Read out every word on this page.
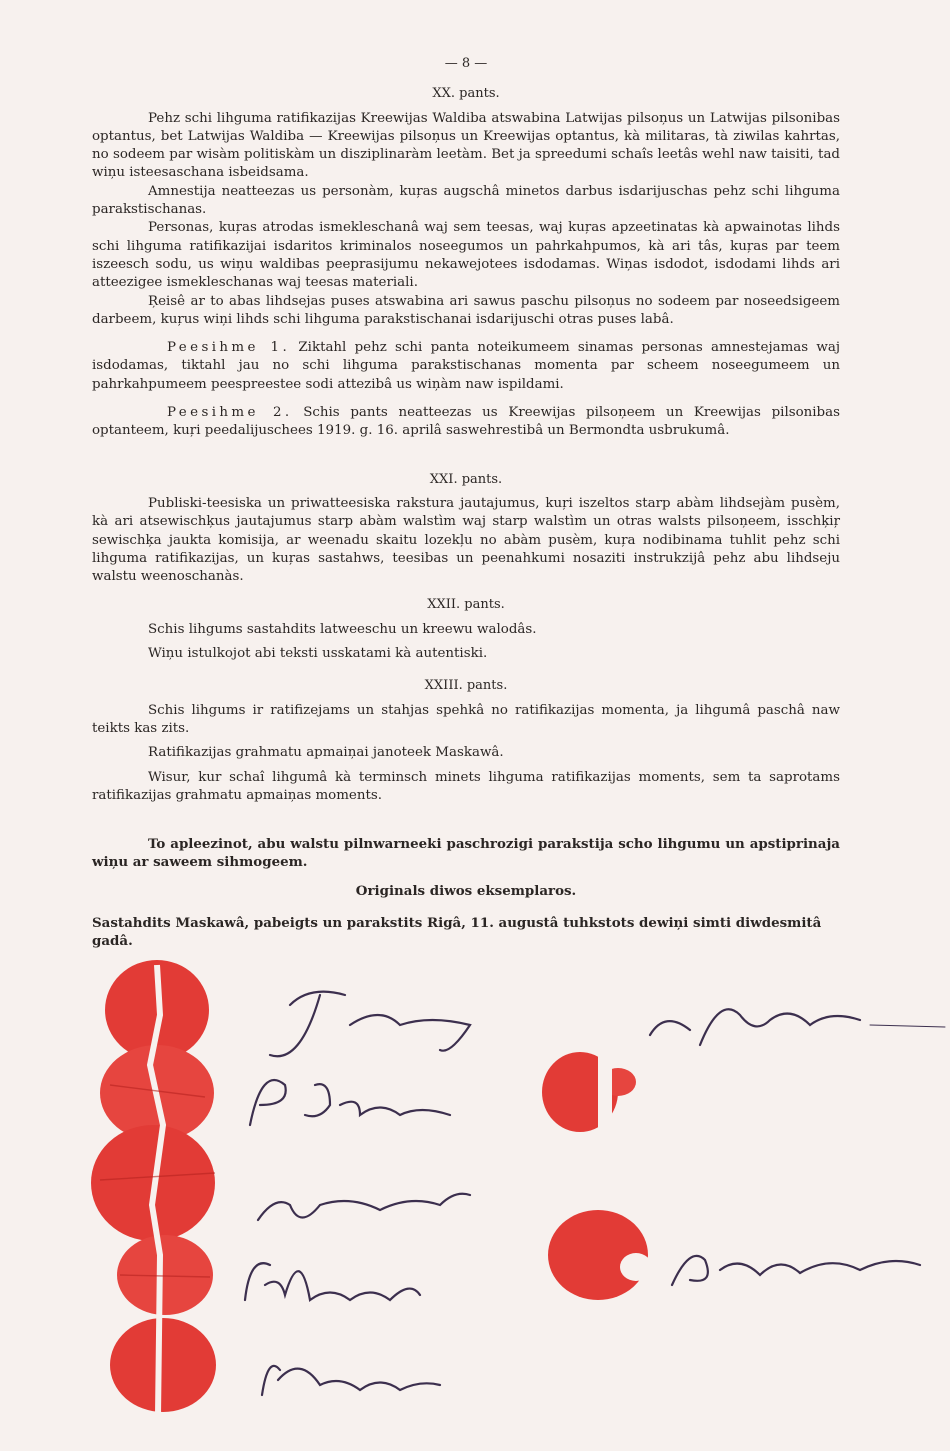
— 8 —
XX. pants.

Pehz schi lihguma ratifikazijas Kreewijas Waldiba atswabina Latwijas pilsoņus un Latwijas pilsonibas optantus, bet Latwijas Waldiba — Kreewijas pilsoņus un Kreewijas optantus, kà militaras, tà ziwilas kahrtas, no sodeem par wisàm politiskàm un disziplinaràm leetàm. Bet ja spreedumi schaîs leetâs wehl naw taisiti, tad wiņu isteesaschana isbeidsama.

Amnestija neatteezas us personàm, kuŗas augschâ minetos darbus isdarijuschas pehz schi lihguma parakstischanas.

Personas, kuŗas atrodas ismekleschanâ waj sem teesas, waj kuŗas apzeetinatas kà apwainotas lihds schi lihguma ratifikazijai isdaritos kriminalos noseegumos un pahrkahpumos, kà ari tâs, kuŗas par teem iszeesch sodu, us wiņu waldibas peeprasijumu nekawejotees isdodamas. Wiņas isdodot, isdodami lihds ari atteezigee ismekleschanas waj teesas materiali.

Ŗeisê ar to abas lihdsejas puses atswabina ari sawus paschu pilsoņus no sodeem par noseedsigeem darbeem, kuŗus wiņi lihds schi lihguma parakstischanai isdarijuschi otras puses labâ.

Peesihme 1. Ziktahl pehz schi panta noteikumeem sinamas personas amnestejamas waj isdodamas, tiktahl jau no schi lihguma parakstischanas momenta par scheem noseegumeem un pahrkahpumeem peespreestee sodi attezibâ us wiņàm naw ispildami.

Peesihme 2. Schis pants neatteezas us Kreewijas pilsoņeem un Kreewijas pilsonibas optanteem, kuŗi peedalijuschees 1919. g. 16. aprilâ saswehrestibâ un Bermondta usbrukumâ.

XXI. pants.

Publiski-teesiska un priwatteesiska rakstura jautajumus, kuŗi iszeltos starp abàm lihdsejàm pusèm, kà ari atsewischķus jautajumus starp abàm walstìm waj starp walstìm un otras walsts pilsoņeem, isschķiŗ sewischķa jaukta komisija, ar weenadu skaitu lozekļu no abàm pusèm, kuŗa nodibinama tuhlit pehz schi lihguma ratifikazijas, un kuŗas sastahws, teesibas un peenahkumi nosaziti instrukzijâ pehz abu lihdseju walstu weenoschanàs.

XXII. pants.

Schis lihgums sastahdits latweeschu un kreewu walodâs.

Wiņu istulkojot abi teksti usskatami kà autentiski.

XXIII. pants.

Schis lihgums ir ratifizejams un stahjas spehkâ no ratifikazijas momenta, ja lihgumâ paschâ naw teikts kas zits.

Ratifikazijas grahmatu apmaiņai janoteek Maskawâ.

Wisur, kur schaî lihgumâ kà terminsch minets lihguma ratifikazijas moments, sem ta saprotams ratifikazijas grahmatu apmaiņas moments.

To apleezinot, abu walstu pilnwarneeki paschrozigi parakstija scho lihgumu un apstiprinaja wiņu ar saweem sihmogeem.

Originals diwos eksemplaros.
Sastahdits Maskawâ, pabeigts un parakstits Rigâ, 11. augustâ tuhkstots dewiņi simti diwdesmitâ gadâ.
